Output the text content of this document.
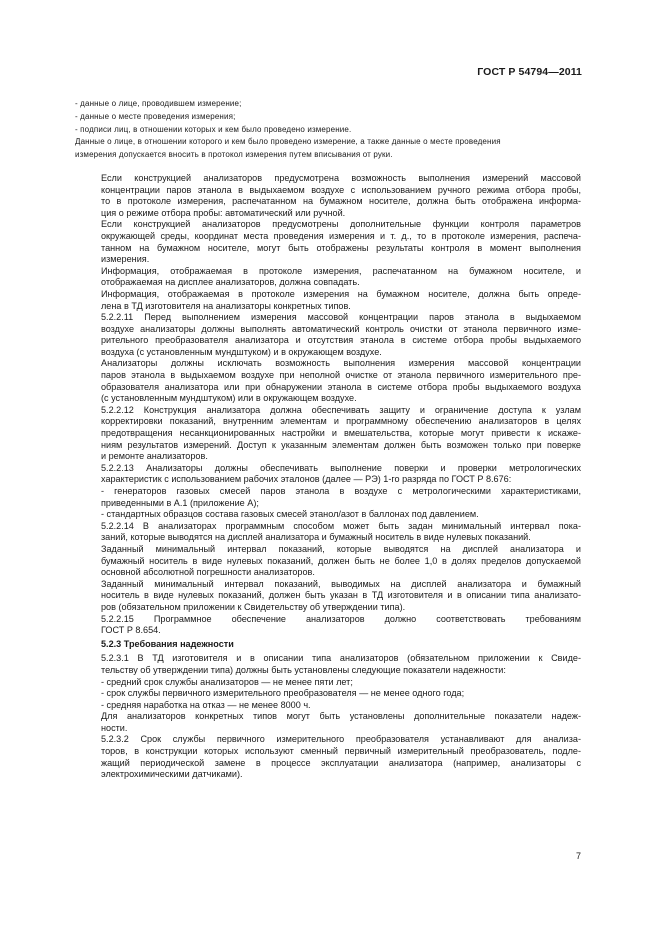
ГОСТ Р 54794—2011
- данные о лице, проводившем измерение;
- данные о месте проведения измерения;
- подписи лиц, в отношении которых и кем было проведено измерение.
Данные о лице, в отношении которого и кем было проведено измерение, а также данные о месте проведения
измерения допускается вносить в протокол измерения путем вписывания от руки.

Если конструкцией анализаторов предусмотрена возможность выполнения измерений массовой
концентрации паров этанола в выдыхаемом воздухе с использованием ручного режима отбора пробы,
то в протоколе измерения, распечатанном на бумажном носителе, должна быть отображена информа-
ция о режиме отбора пробы: автоматический или ручной.

Если конструкцией анализаторов предусмотрены дополнительные функции контроля параметров
окружающей среды, координат места проведения измерения и т. д., то в протоколе измерения, распеча-
танном на бумажном носителе, могут быть отображены результаты контроля в момент выполнения
измерения.

Информация, отображаемая в протоколе измерения, распечатанном на бумажном носителе, и
отображаемая на дисплее анализаторов, должна совпадать.

Информация, отображаемая в протоколе измерения на бумажном носителе, должна быть опреде-
лена в ТД изготовителя на анализаторы конкретных типов.

5.2.2.11 Перед выполнением измерения массовой концентрации паров этанола в выдыхаемом
воздухе анализаторы должны выполнять автоматический контроль очистки от этанола первичного изме-
рительного преобразователя анализатора и отсутствия этанола в системе отбора пробы выдыхаемого
воздуха (с установленным мундштуком) и в окружающем воздухе.

Анализаторы должны исключать возможность выполнения измерения массовой концентрации
паров этанола в выдыхаемом воздухе при неполной очистке от этанола первичного измерительного пре-
образователя анализатора или при обнаружении этанола в системе отбора пробы выдыхаемого воздуха
(с установленным мундштуком) или в окружающем воздухе.

5.2.2.12 Конструкция анализатора должна обеспечивать защиту и ограничение доступа к узлам
корректировки показаний, внутренним элементам и программному обеспечению анализаторов в целях
предотвращения несанкционированных настройки и вмешательства, которые могут привести к искаже-
ниям результатов измерений. Доступ к указанным элементам должен быть возможен только при поверке
и ремонте анализаторов.

5.2.2.13 Анализаторы должны обеспечивать выполнение поверки и проверки метрологических
характеристик с использованием рабочих эталонов (далее — РЭ) 1-го разряда по ГОСТ Р 8.676:

- генераторов газовых смесей паров этанола в воздухе с метрологическими характеристиками,
приведенными в А.1 (приложение А);

- стандартных образцов состава газовых смесей этанол/азот в баллонах под давлением.

5.2.2.14 В анализаторах программным способом может быть задан минимальный интервал пока-
заний, которые выводятся на дисплей анализатора и бумажный носитель в виде нулевых показаний.

Заданный минимальный интервал показаний, которые выводятся на дисплей анализатора и
бумажный носитель в виде нулевых показаний, должен быть не более 1,0 в долях пределов допускаемой
основной абсолютной погрешности анализаторов.

Заданный минимальный интервал показаний, выводимых на дисплей анализатора и бумажный
носитель в виде нулевых показаний, должен быть указан в ТД изготовителя и в описании типа анализато-
ров (обязательном приложении к Свидетельству об утверждении типа).

5.2.2.15 Программное обеспечение анализаторов должно соответствовать требованиям
ГОСТ Р 8.654.

5.2.3 Требования надежности

5.2.3.1 В ТД изготовителя и в описании типа анализаторов (обязательном приложении к Свиде-
тельству об утверждении типа) должны быть установлены следующие показатели надежности:

- средний срок службы анализаторов — не менее пяти лет;

- срок службы первичного измерительного преобразователя — не менее одного года;

- средняя наработка на отказ — не менее 8000 ч.

Для анализаторов конкретных типов могут быть установлены дополнительные показатели надеж-
ности.

5.2.3.2 Срок службы первичного измерительного преобразователя устанавливают для анализа-
торов, в конструкции которых используют сменный первичный измерительный преобразователь, подле-
жащий периодической замене в процессе эксплуатации анализатора (например, анализаторы с
электрохимическими датчиками).

7
